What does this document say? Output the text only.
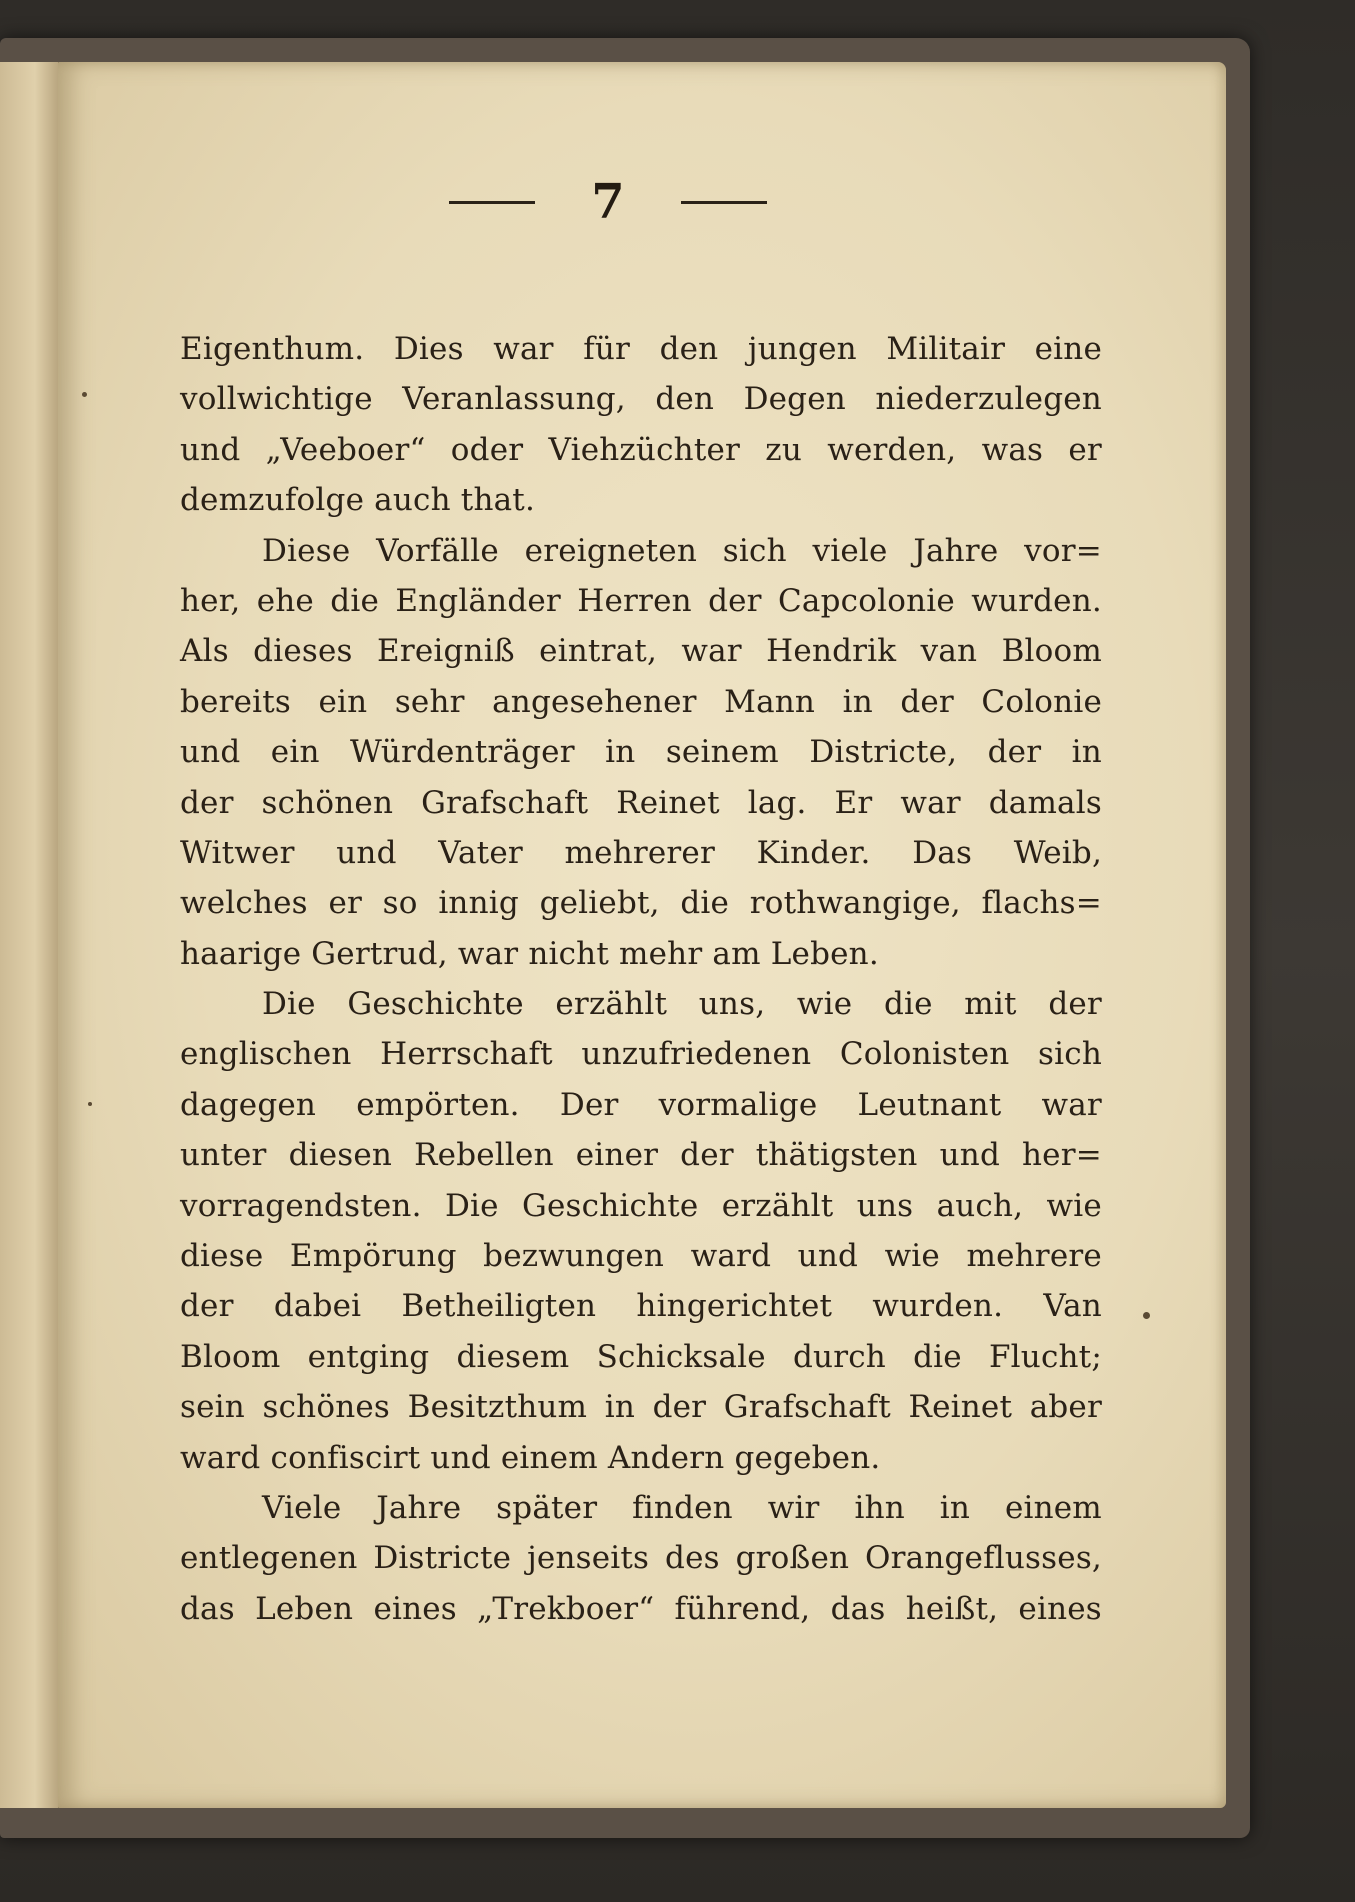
7
Eigenthum. Dies war für den jungen Militair eine
vollwichtige Veranlassung, den Degen niederzulegen
und „Veeboer“ oder Viehzüchter zu werden, was er
demzufolge auch that.
Diese Vorfälle ereigneten sich viele Jahre vor=
her, ehe die Engländer Herren der Capcolonie wurden.
Als dieses Ereigniß eintrat, war Hendrik van Bloom
bereits ein sehr angesehener Mann in der Colonie
und ein Würdenträger in seinem Districte, der in
der schönen Grafschaft Reinet lag. Er war damals
Witwer und Vater mehrerer Kinder. Das Weib,
welches er so innig geliebt, die rothwangige, flachs=
haarige Gertrud, war nicht mehr am Leben.
Die Geschichte erzählt uns, wie die mit der
englischen Herrschaft unzufriedenen Colonisten sich
dagegen empörten. Der vormalige Leutnant war
unter diesen Rebellen einer der thätigsten und her=
vorragendsten. Die Geschichte erzählt uns auch, wie
diese Empörung bezwungen ward und wie mehrere
der dabei Betheiligten hingerichtet wurden. Van
Bloom entging diesem Schicksale durch die Flucht;
sein schönes Besitzthum in der Grafschaft Reinet aber
ward confiscirt und einem Andern gegeben.
Viele Jahre später finden wir ihn in einem
entlegenen Districte jenseits des großen Orangeflusses,
das Leben eines „Trekboer“ führend, das heißt, eines
